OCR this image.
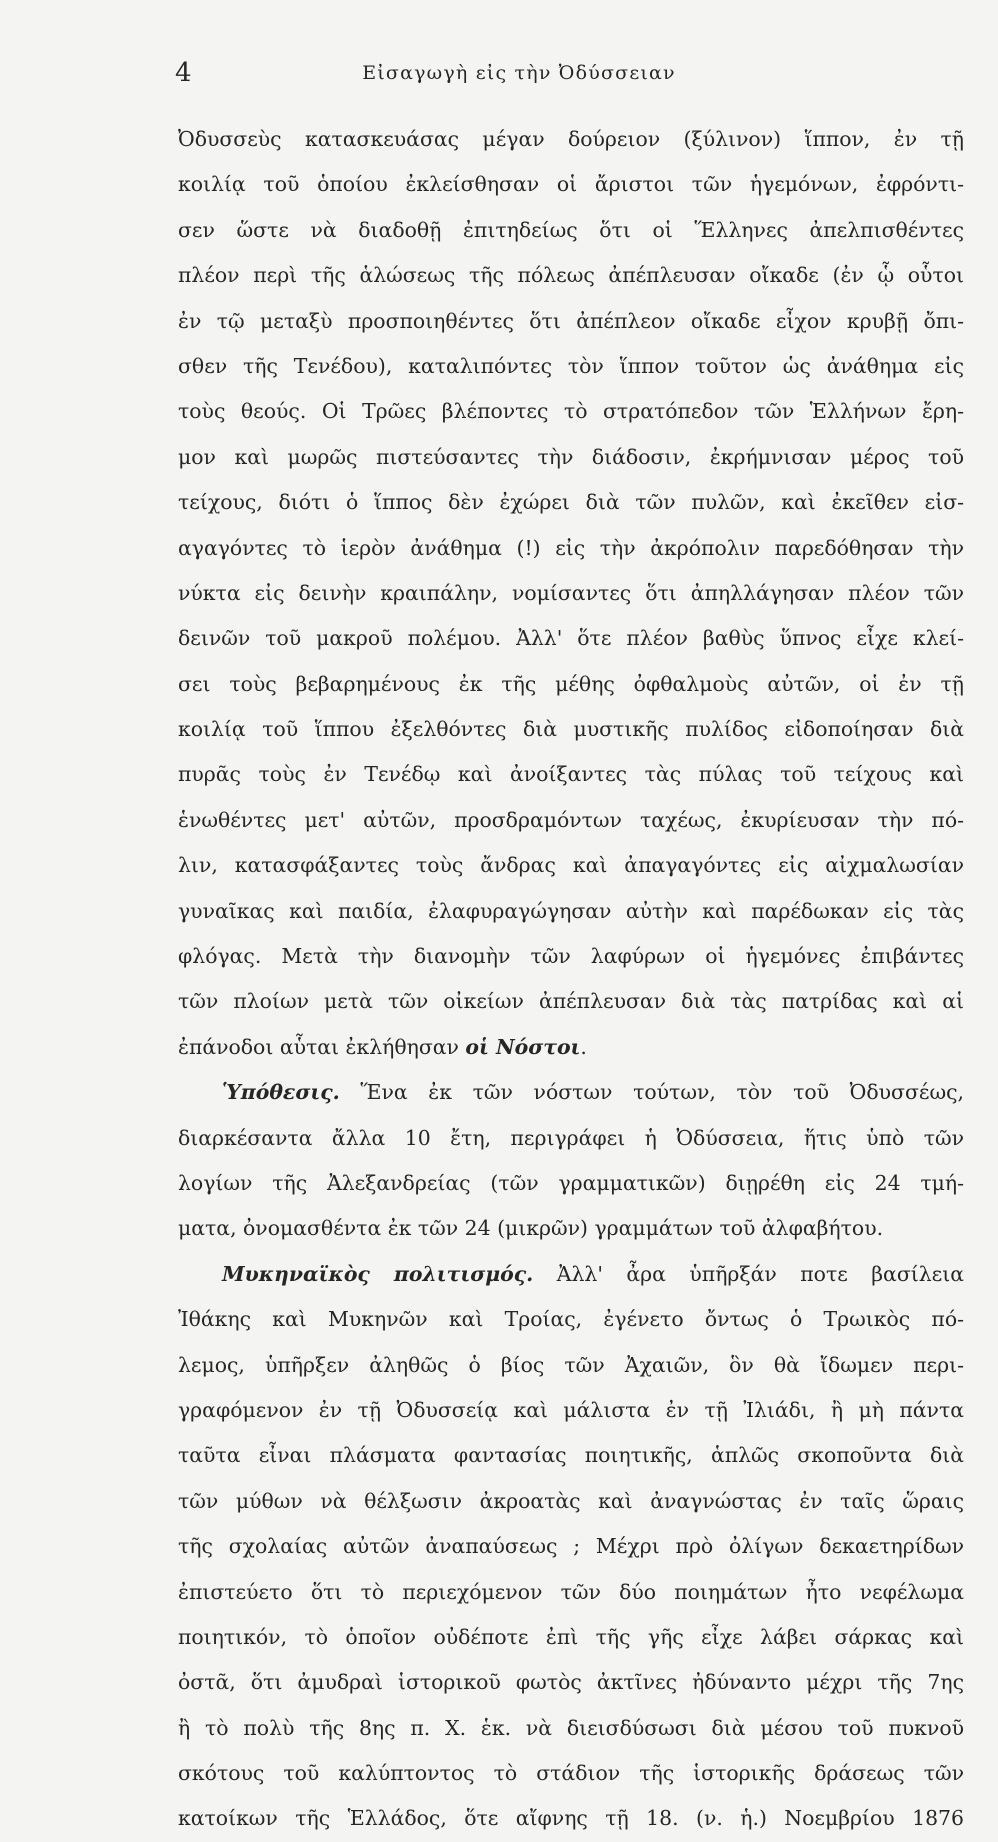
4	Εἰσαγωγὴ εἰς τὴν Ὀδύσσειαν
Ὀδυσσεὺς κατασκευάσας μέγαν δούρειον (ξύλινον) ἵππον, ἐν τῇ
κοιλίᾳ τοῦ ὁποίου ἐκλείσθησαν οἱ ἄριστοι τῶν ἡγεμόνων, ἐφρόντι-
σεν ὥστε νὰ διαδοθῇ ἐπιτηδείως ὅτι οἱ Ἕλληνες ἀπελπισθέντες
πλέον περὶ τῆς ἁλώσεως τῆς πόλεως ἀπέπλευσαν οἴκαδε (ἐν ᾧ οὗτοι
ἐν τῷ μεταξὺ προσποιηθέντες ὅτι ἀπέπλεον οἴκαδε εἶχον κρυβῇ ὄπι-
σθεν τῆς Τενέδου), καταλιπόντες τὸν ἵππον τοῦτον ὡς ἀνάθημα εἰς
τοὺς θεούς. Οἱ Τρῶες βλέποντες τὸ στρατόπεδον τῶν Ἑλλήνων ἔρη-
μον καὶ μωρῶς πιστεύσαντες τὴν διάδοσιν, ἐκρήμνισαν μέρος τοῦ
τείχους, διότι ὁ ἵππος δὲν ἐχώρει διὰ τῶν πυλῶν, καὶ ἐκεῖθεν εἰσ-
αγαγόντες τὸ ἱερὸν ἀνάθημα (!) εἰς τὴν ἀκρόπολιν παρεδόθησαν τὴν
νύκτα εἰς δεινὴν κραιπάλην, νομίσαντες ὅτι ἀπηλλάγησαν πλέον τῶν
δεινῶν τοῦ μακροῦ πολέμου. Ἀλλ' ὅτε πλέον βαθὺς ὕπνος εἶχε κλεί-
σει τοὺς βεβαρημένους ἐκ τῆς μέθης ὀφθαλμοὺς αὐτῶν, οἱ ἐν τῇ
κοιλίᾳ τοῦ ἵππου ἐξελθόντες διὰ μυστικῆς πυλίδος εἰδοποίησαν διὰ
πυρᾶς τοὺς ἐν Τενέδῳ καὶ ἀνοίξαντες τὰς πύλας τοῦ τείχους καὶ
ἑνωθέντες μετ' αὐτῶν, προσδραμόντων ταχέως, ἐκυρίευσαν τὴν πό-
λιν, κατασφάξαντες τοὺς ἄνδρας καὶ ἀπαγαγόντες εἰς αἰχμαλωσίαν
γυναῖκας καὶ παιδία, ἐλαφυραγώγησαν αὐτὴν καὶ παρέδωκαν εἰς τὰς
φλόγας. Μετὰ τὴν διανομὴν τῶν λαφύρων οἱ ἡγεμόνες ἐπιβάντες
τῶν πλοίων μετὰ τῶν οἰκείων ἀπέπλευσαν διὰ τὰς πατρίδας καὶ αἱ
ἐπάνοδοι αὗται ἐκλήθησαν οἱ Νόστοι.
Ὑπόθεσις. Ἕνα ἐκ τῶν νόστων τούτων, τὸν τοῦ Ὀδυσσέως,
διαρκέσαντα ἄλλα 10 ἔτη, περιγράφει ἡ Ὀδύσσεια, ἥτις ὑπὸ τῶν
λογίων τῆς Ἀλεξανδρείας (τῶν γραμματικῶν) διῃρέθη εἰς 24 τμή-
ματα, ὀνομασθέντα ἐκ τῶν 24 (μικρῶν) γραμμάτων τοῦ ἀλφαβήτου.
Μυκηναϊκὸς πολιτισμός. Ἀλλ' ἆρα ὑπῆρξάν ποτε βασίλεια
Ἰθάκης καὶ Μυκηνῶν καὶ Τροίας, ἐγένετο ὄντως ὁ Τρωικὸς πό-
λεμος, ὑπῆρξεν ἀληθῶς ὁ βίος τῶν Ἀχαιῶν, ὃν θὰ ἴδωμεν περι-
γραφόμενον ἐν τῇ Ὀδυσσείᾳ καὶ μάλιστα ἐν τῇ Ἰλιάδι, ἢ μὴ πάντα
ταῦτα εἶναι πλάσματα φαντασίας ποιητικῆς, ἁπλῶς σκοποῦντα διὰ
τῶν μύθων νὰ θέλξωσιν ἀκροατὰς καὶ ἀναγνώστας ἐν ταῖς ὥραις
τῆς σχολαίας αὐτῶν ἀναπαύσεως ; Μέχρι πρὸ ὀλίγων δεκαετηρίδων
ἐπιστεύετο ὅτι τὸ περιεχόμενον τῶν δύο ποιημάτων ἦτο νεφέλωμα
ποιητικόν, τὸ ὁποῖον οὐδέποτε ἐπὶ τῆς γῆς εἶχε λάβει σάρκας καὶ
ὀστᾶ, ὅτι ἀμυδραὶ ἱστορικοῦ φωτὸς ἀκτῖνες ἠδύναντο μέχρι τῆς 7ης
ἢ τὸ πολὺ τῆς 8ης π. Χ. ἑκ. νὰ διεισδύσωσι διὰ μέσου τοῦ πυκνοῦ
σκότους τοῦ καλύπτοντος τὸ στάδιον τῆς ἱστορικῆς δράσεως τῶν
κατοίκων τῆς Ἑλλάδος, ὅτε αἴφνης τῇ 18. (ν. ἡ.) Νοεμβρίου 1876
